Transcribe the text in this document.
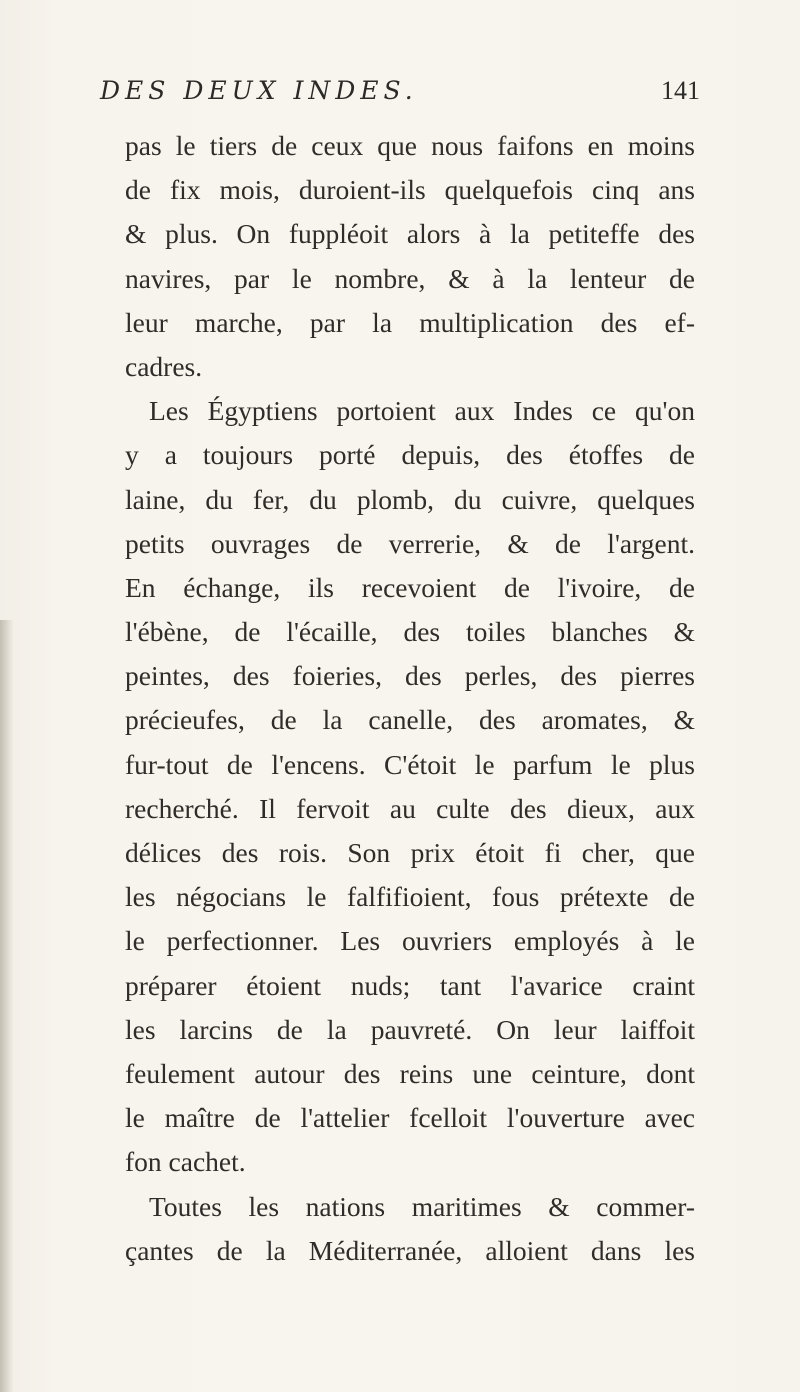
DES DEUX INDES.	141
pas le tiers de ceux que nous faifons en moins
de fix mois, duroient-ils quelquefois cinq ans
& plus. On fuppléoit alors à la petiteffe des
navires, par le nombre, & à la lenteur de
leur marche, par la multiplication des ef-
cadres.
Les Égyptiens portoient aux Indes ce qu'on
y a toujours porté depuis, des étoffes de
laine, du fer, du plomb, du cuivre, quelques
petits ouvrages de verrerie, & de l'argent.
En échange, ils recevoient de l'ivoire, de
l'ébène, de l'écaille, des toiles blanches &
peintes, des foieries, des perles, des pierres
précieufes, de la canelle, des aromates, &
fur-tout de l'encens. C'étoit le parfum le plus
recherché. Il fervoit au culte des dieux, aux
délices des rois. Son prix étoit fi cher, que
les négocians le falfifioient, fous prétexte de
le perfectionner. Les ouvriers employés à le
préparer étoient nuds; tant l'avarice craint
les larcins de la pauvreté. On leur laiffoit
feulement autour des reins une ceinture, dont
le maître de l'attelier fcelloit l'ouverture avec
fon cachet.
Toutes les nations maritimes & commer-
çantes de la Méditerranée, alloient dans les
